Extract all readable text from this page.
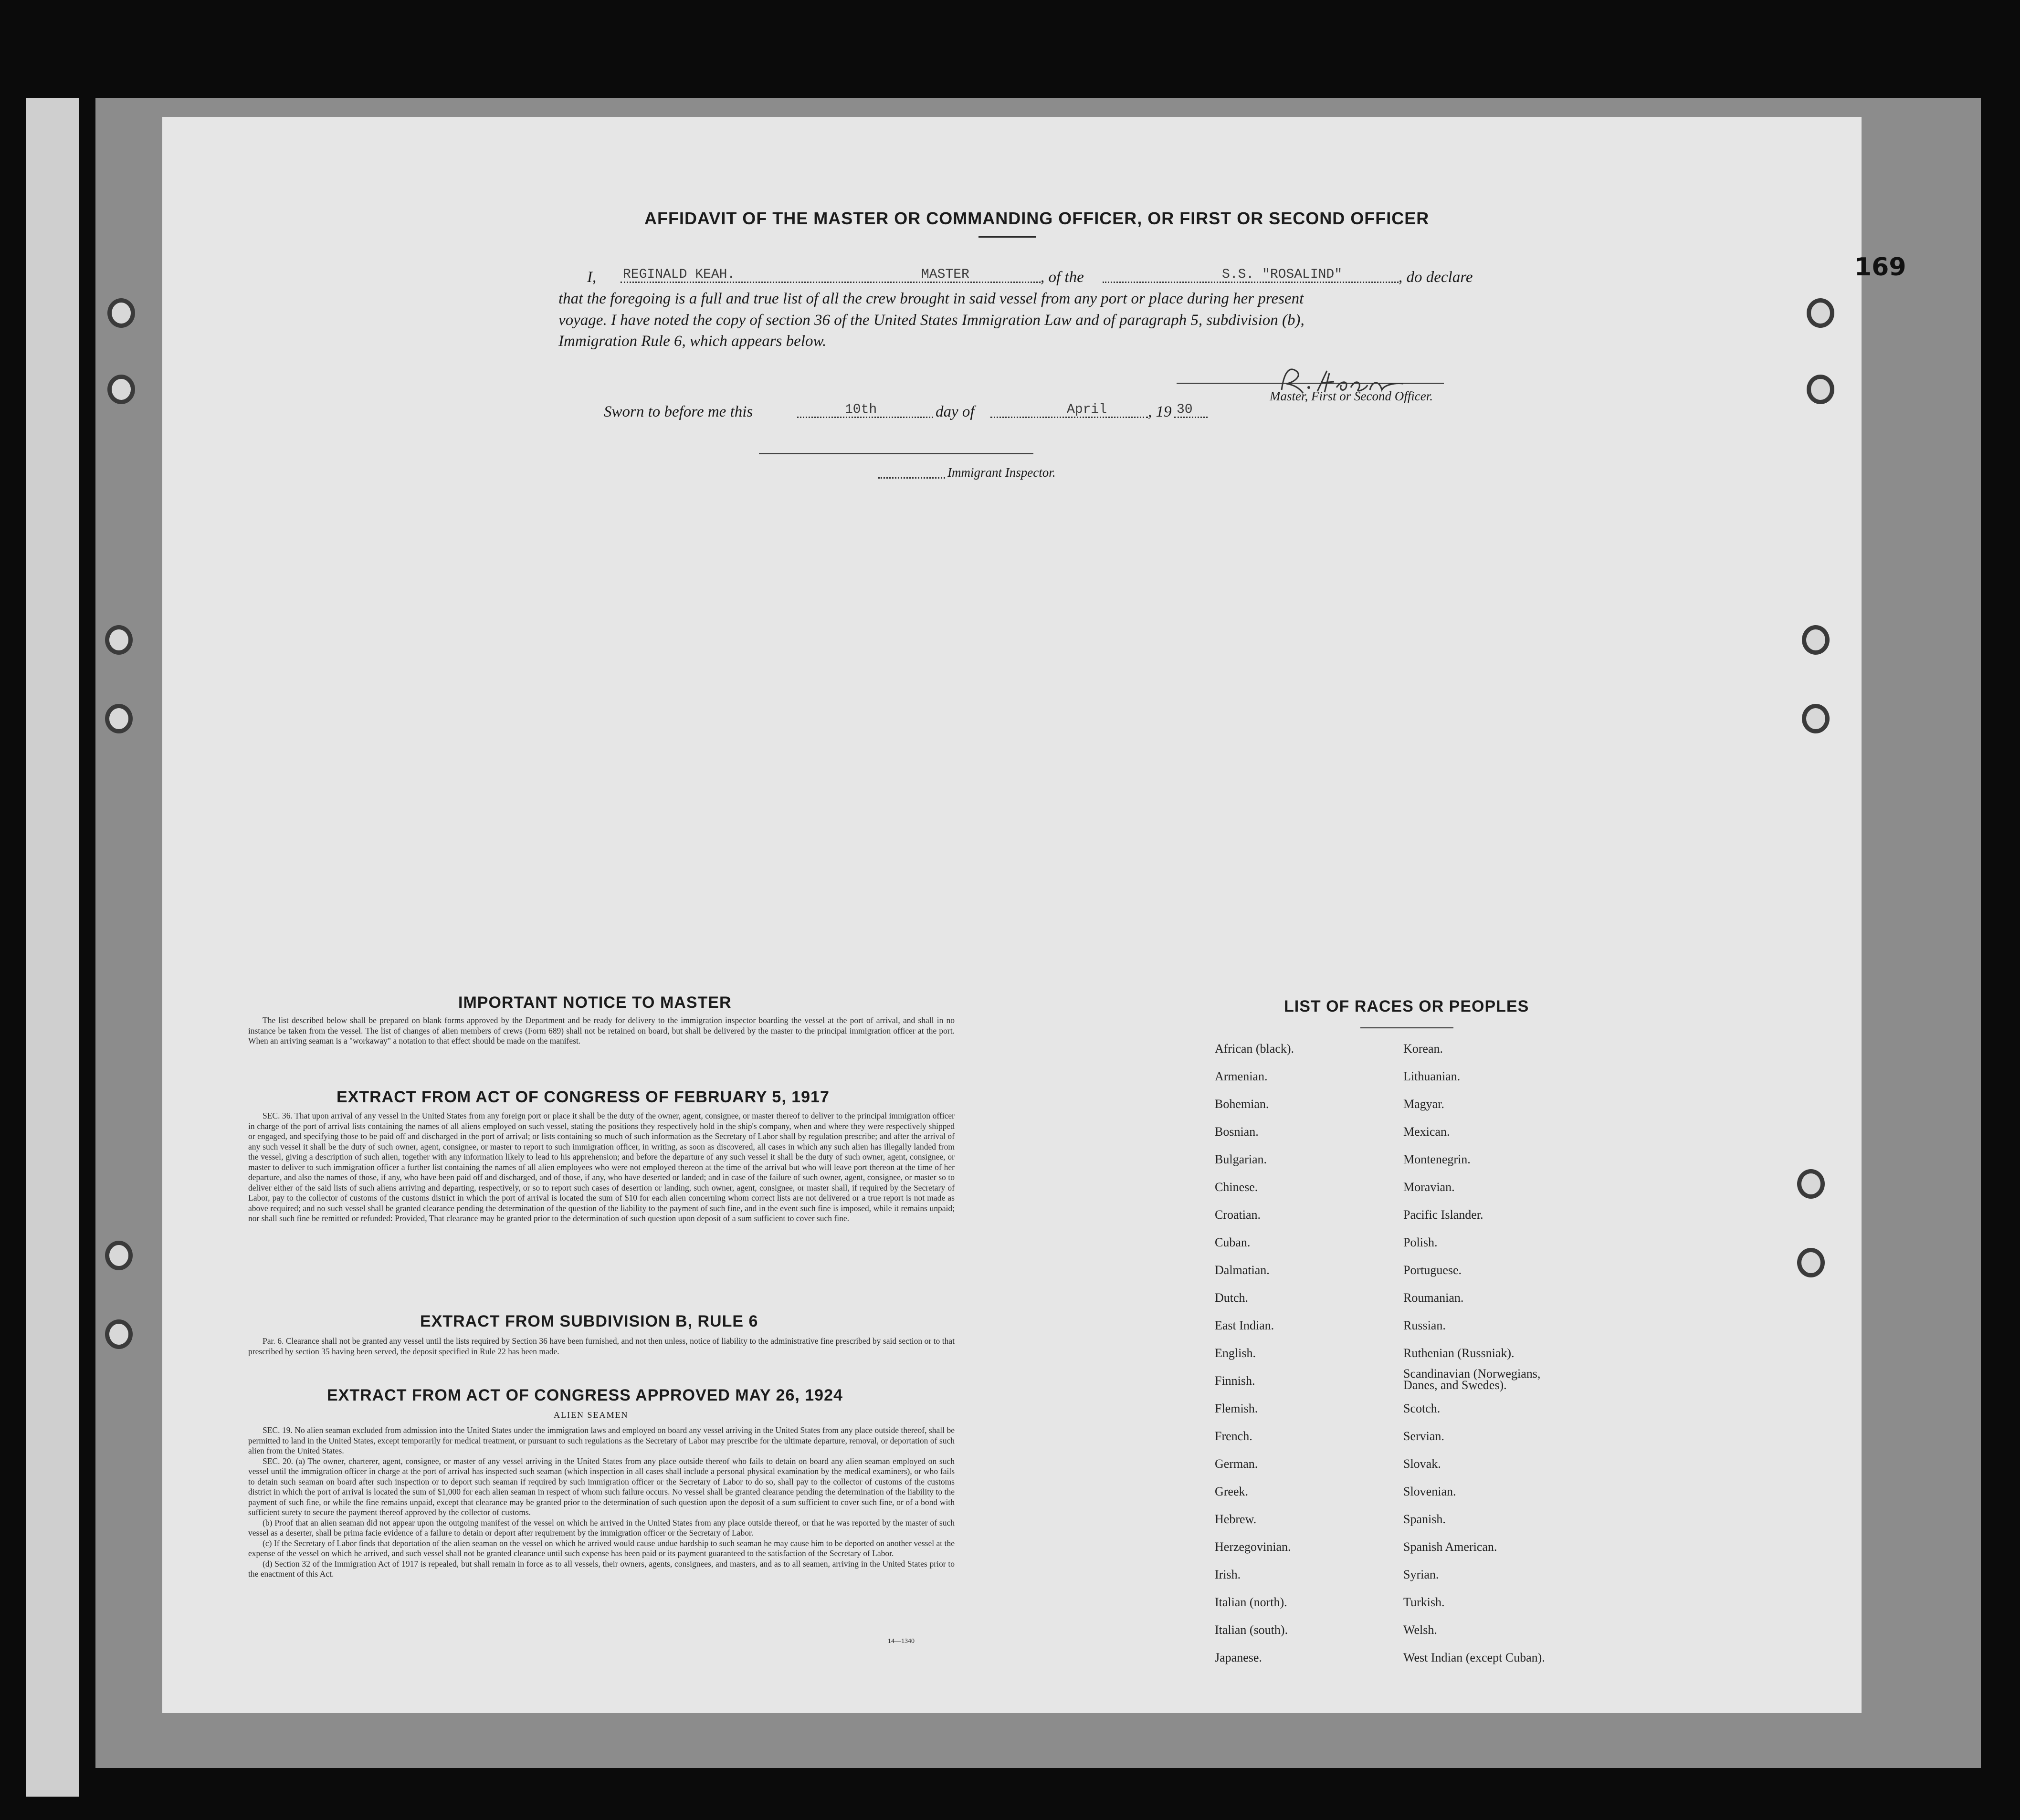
169
AFFIDAVIT OF THE MASTER OR COMMANDING OFFICER, OR FIRST OR SECOND OFFICER
I, REGINALD KEAH.	MASTER	, of the	S.S. "ROSALIND"	, do declare
that the foregoing is a full and true list of all the crew brought in said vessel from any port or place during her present
voyage. I have noted the copy of section 36 of the United States Immigration Law and of paragraph 5, subdivision (b),
Immigration Rule 6, which appears below.
Master, First or Second Officer.
Sworn to before me this	10th	day of	April	, 19 30
Immigrant Inspector.
IMPORTANT NOTICE TO MASTER

The list described below shall be prepared on blank forms approved by the Department and be ready for delivery to the immigration inspector boarding the vessel at the port of arrival, and shall in no instance be taken from the vessel. The list of changes of alien members of crews (Form 689) shall not be retained on board, but shall be delivered by the master to the principal immigration officer at the port. When an arriving seaman is a "workaway" a notation to that effect should be made on the manifest.

EXTRACT FROM ACT OF CONGRESS OF FEBRUARY 5, 1917

SEC. 36. That upon arrival of any vessel in the United States from any foreign port or place it shall be the duty of the owner, agent, consignee, or master thereof to deliver to the principal immigration officer in charge of the port of arrival lists containing the names of all aliens employed on such vessel, stating the positions they respectively hold in the ship's company, when and where they were respectively shipped or engaged, and specifying those to be paid off and discharged in the port of arrival; or lists containing so much of such information as the Secretary of Labor shall by regulation prescribe; and after the arrival of any such vessel it shall be the duty of such owner, agent, consignee, or master to report to such immigration officer, in writing, as soon as discovered, all cases in which any such alien has illegally landed from the vessel, giving a description of such alien, together with any information likely to lead to his apprehension; and before the departure of any such vessel it shall be the duty of such owner, agent, consignee, or master to deliver to such immigration officer a further list containing the names of all alien employees who were not employed thereon at the time of the arrival but who will leave port thereon at the time of her departure, and also the names of those, if any, who have been paid off and discharged, and of those, if any, who have deserted or landed; and in case of the failure of such owner, agent, consignee, or master so to deliver either of the said lists of such aliens arriving and departing, respectively, or so to report such cases of desertion or landing, such owner, agent, consignee, or master shall, if required by the Secretary of Labor, pay to the collector of customs of the customs district in which the port of arrival is located the sum of $10 for each alien concerning whom correct lists are not delivered or a true report is not made as above required; and no such vessel shall be granted clearance pending the determination of the question of the liability to the payment of such fine, and in the event such fine is imposed, while it remains unpaid; nor shall such fine be remitted or refunded: Provided, That clearance may be granted prior to the determination of such question upon deposit of a sum sufficient to cover such fine.

EXTRACT FROM SUBDIVISION B, RULE 6

Par. 6. Clearance shall not be granted any vessel until the lists required by Section 36 have been furnished, and not then unless, notice of liability to the administrative fine prescribed by said section or to that prescribed by section 35 having been served, the deposit specified in Rule 22 has been made.

EXTRACT FROM ACT OF CONGRESS APPROVED MAY 26, 1924
ALIEN SEAMEN

SEC. 19. No alien seaman excluded from admission into the United States under the immigration laws and employed on board any vessel arriving in the United States from any place outside thereof, shall be permitted to land in the United States, except temporarily for medical treatment, or pursuant to such regulations as the Secretary of Labor may prescribe for the ultimate departure, removal, or deportation of such alien from the United States.

SEC. 20. (a) The owner, charterer, agent, consignee, or master of any vessel arriving in the United States from any place outside thereof who fails to detain on board any alien seaman employed on such vessel until the immigration officer in charge at the port of arrival has inspected such seaman (which inspection in all cases shall include a personal physical examination by the medical examiners), or who fails to detain such seaman on board after such inspection or to deport such seaman if required by such immigration officer or the Secretary of Labor to do so, shall pay to the collector of customs of the customs district in which the port of arrival is located the sum of $1,000 for each alien seaman in respect of whom such failure occurs. No vessel shall be granted clearance pending the determination of the liability to the payment of such fine, or while the fine remains unpaid, except that clearance may be granted prior to the determination of such question upon the deposit of a sum sufficient to cover such fine, or of a bond with sufficient surety to secure the payment thereof approved by the collector of customs.

(b) Proof that an alien seaman did not appear upon the outgoing manifest of the vessel on which he arrived in the United States from any place outside thereof, or that he was reported by the master of such vessel as a deserter, shall be prima facie evidence of a failure to detain or deport after requirement by the immigration officer or the Secretary of Labor.

(c) If the Secretary of Labor finds that deportation of the alien seaman on the vessel on which he arrived would cause undue hardship to such seaman he may cause him to be deported on another vessel at the expense of the vessel on which he arrived, and such vessel shall not be granted clearance until such expense has been paid or its payment guaranteed to the satisfaction of the Secretary of Labor.

(d) Section 32 of the Immigration Act of 1917 is repealed, but shall remain in force as to all vessels, their owners, agents, consignees, and masters, and as to all seamen, arriving in the United States prior to the enactment of this Act.

14—1340
LIST OF RACES OR PEOPLES
African (black).
Armenian.
Bohemian.
Bosnian.
Bulgarian.
Chinese.
Croatian.
Cuban.
Dalmatian.
Dutch.
East Indian.
English.
Finnish.
Flemish.
French.
German.
Greek.
Hebrew.
Herzegovinian.
Irish.
Italian (north).
Italian (south).
Japanese.
Korean.
Lithuanian.
Magyar.
Mexican.
Montenegrin.
Moravian.
Pacific Islander.
Polish.
Portuguese.
Roumanian.
Russian.
Ruthenian (Russniak).
Scandinavian (Norwegians, Danes, and Swedes).
Scotch.
Servian.
Slovak.
Slovenian.
Spanish.
Spanish American.
Syrian.
Turkish.
Welsh.
West Indian (except Cuban).
